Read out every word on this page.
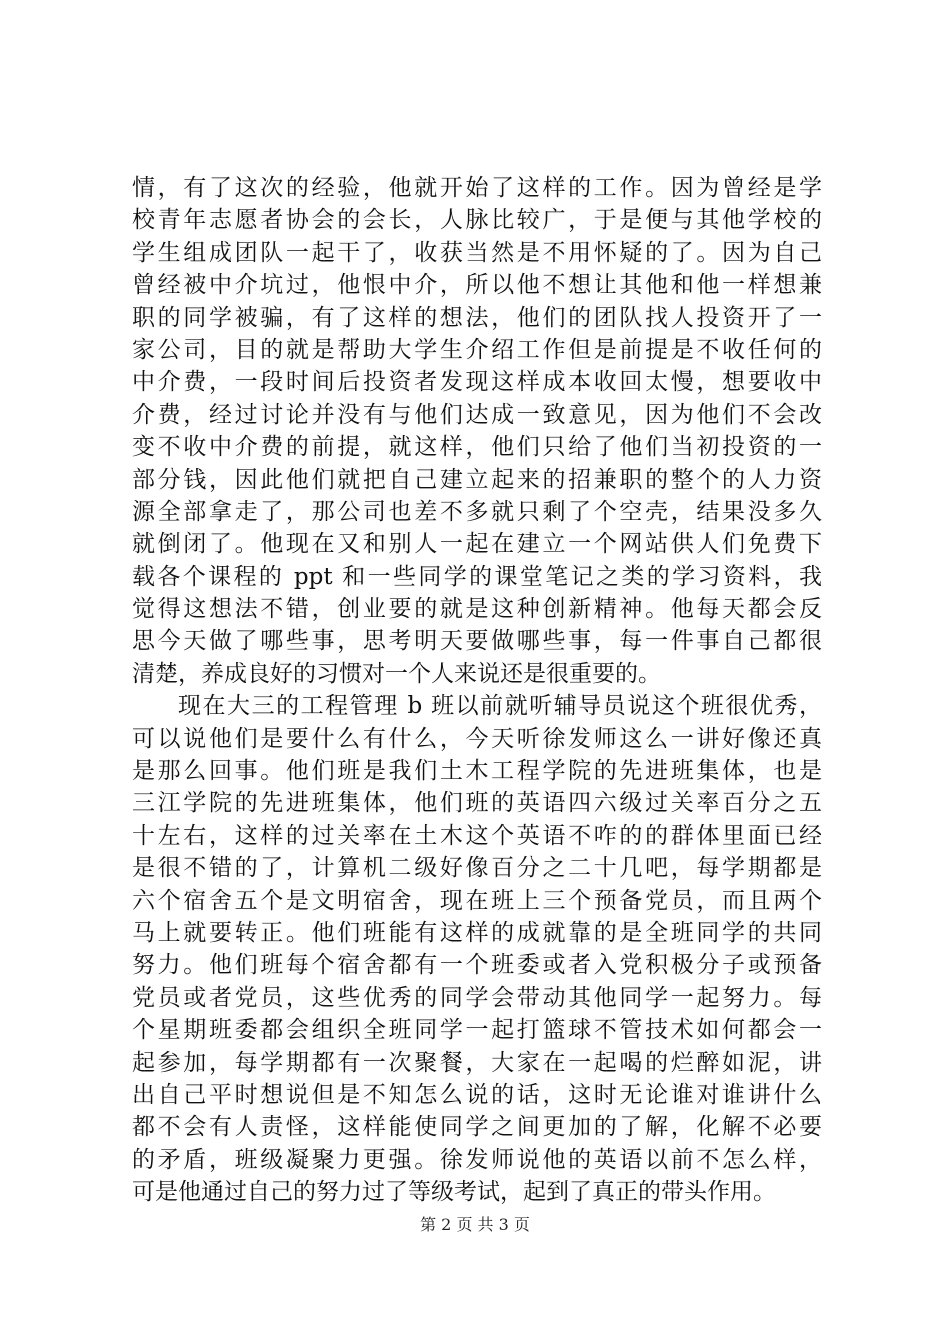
情，有了这次的经验，他就开始了这样的工作。因为曾经是学
校青年志愿者协会的会长，人脉比较广，于是便与其他学校的
学生组成团队一起干了，收获当然是不用怀疑的了。因为自己
曾经被中介坑过，他恨中介，所以他不想让其他和他一样想兼
职的同学被骗，有了这样的想法，他们的团队找人投资开了一
家公司，目的就是帮助大学生介绍工作但是前提是不收任何的
中介费，一段时间后投资者发现这样成本收回太慢，想要收中
介费，经过讨论并没有与他们达成一致意见，因为他们不会改
变不收中介费的前提，就这样，他们只给了他们当初投资的一
部分钱，因此他们就把自己建立起来的招兼职的整个的人力资
源全部拿走了，那公司也差不多就只剩了个空壳，结果没多久
就倒闭了。他现在又和别人一起在建立一个网站供人们免费下
载各个课程的 ppt 和一些同学的课堂笔记之类的学习资料，我
觉得这想法不错，创业要的就是这种创新精神。他每天都会反
思今天做了哪些事，思考明天要做哪些事，每一件事自己都很
清楚，养成良好的习惯对一个人来说还是很重要的。
现在大三的工程管理 b 班以前就听辅导员说这个班很优秀，
可以说他们是要什么有什么，今天听徐发师这么一讲好像还真
是那么回事。他们班是我们土木工程学院的先进班集体，也是
三江学院的先进班集体，他们班的英语四六级过关率百分之五
十左右，这样的过关率在土木这个英语不咋的的群体里面已经
是很不错的了，计算机二级好像百分之二十几吧，每学期都是
六个宿舍五个是文明宿舍，现在班上三个预备党员，而且两个
马上就要转正。他们班能有这样的成就靠的是全班同学的共同
努力。他们班每个宿舍都有一个班委或者入党积极分子或预备
党员或者党员，这些优秀的同学会带动其他同学一起努力。每
个星期班委都会组织全班同学一起打篮球不管技术如何都会一
起参加，每学期都有一次聚餐，大家在一起喝的烂醉如泥，讲
出自己平时想说但是不知怎么说的话，这时无论谁对谁讲什么
都不会有人责怪，这样能使同学之间更加的了解，化解不必要
的矛盾，班级凝聚力更强。徐发师说他的英语以前不怎么样，
可是他通过自己的努力过了等级考试，起到了真正的带头作用。
第 2 页 共 3 页
